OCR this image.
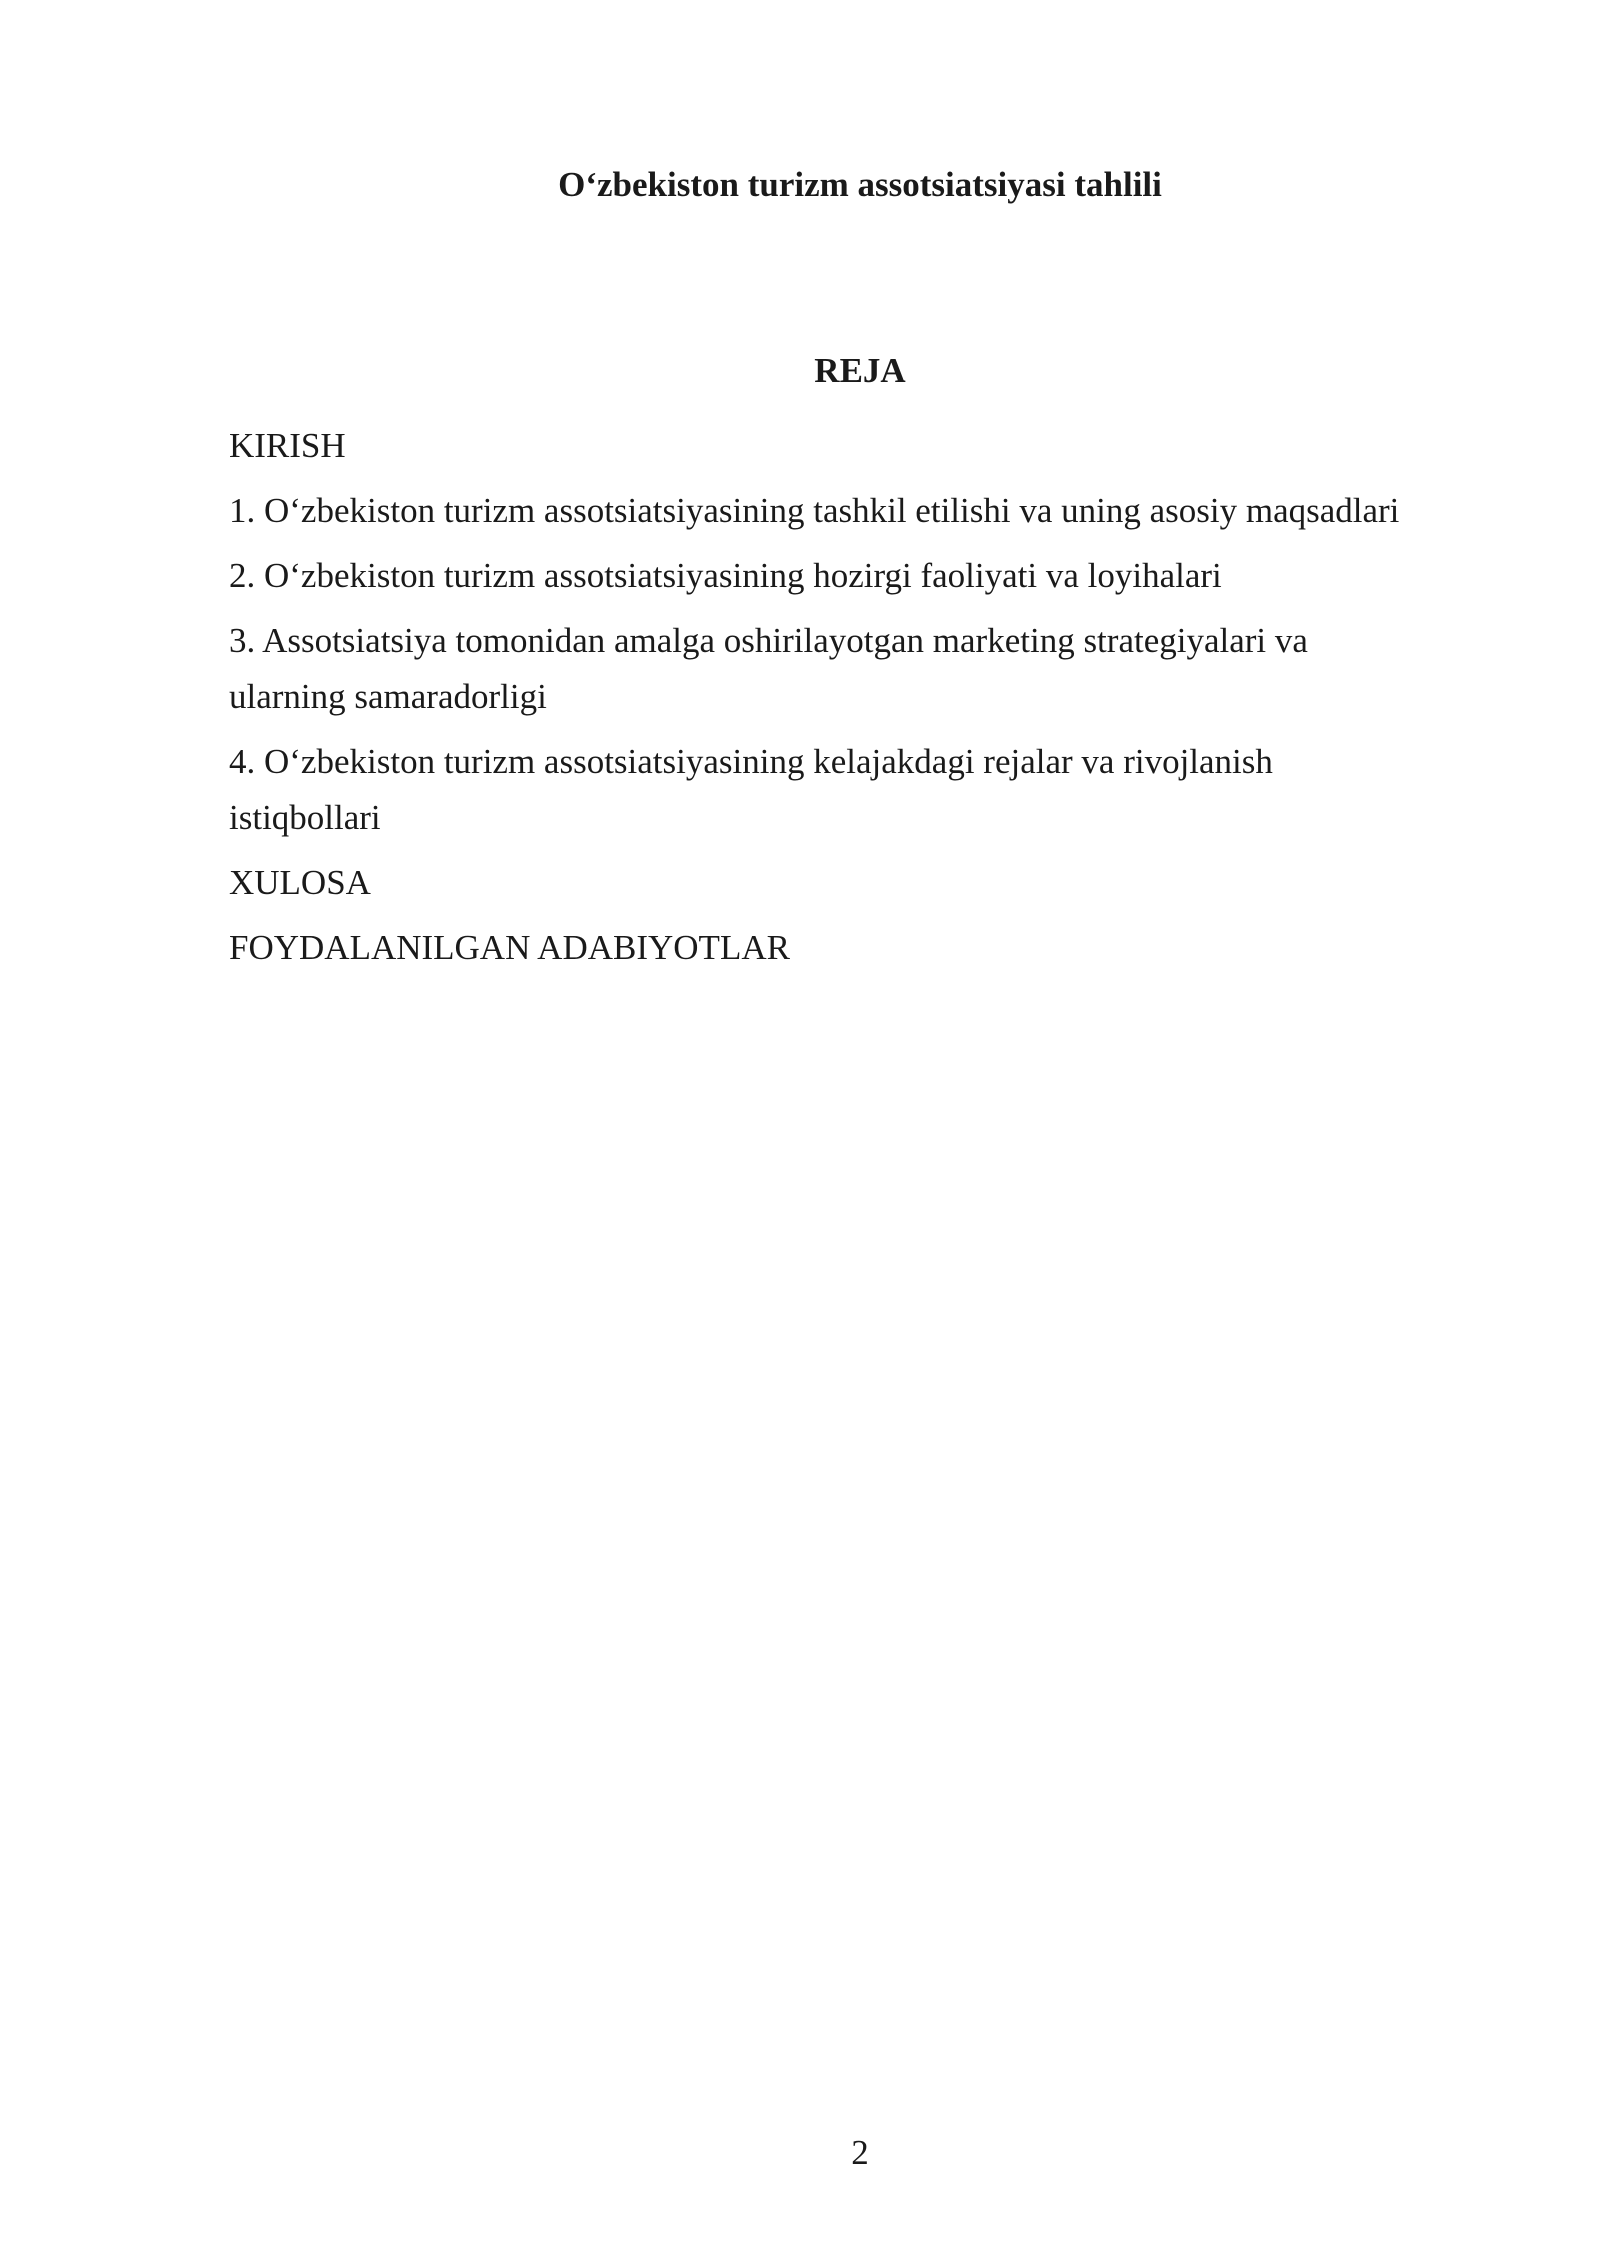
O‘zbekiston turizm assotsiatsiyasi tahlili
REJA
KIRISH
1. O‘zbekiston turizm assotsiatsiyasining tashkil etilishi va uning asosiy maqsadlari
2. O‘zbekiston turizm assotsiatsiyasining hozirgi faoliyati va loyihalari
3. Assotsiatsiya tomonidan amalga oshirilayotgan marketing strategiyalari va ularning samaradorligi
4. O‘zbekiston turizm assotsiatsiyasining kelajakdagi rejalar va rivojlanish istiqbollari
XULOSA
FOYDALANILGAN ADABIYOTLAR
2
